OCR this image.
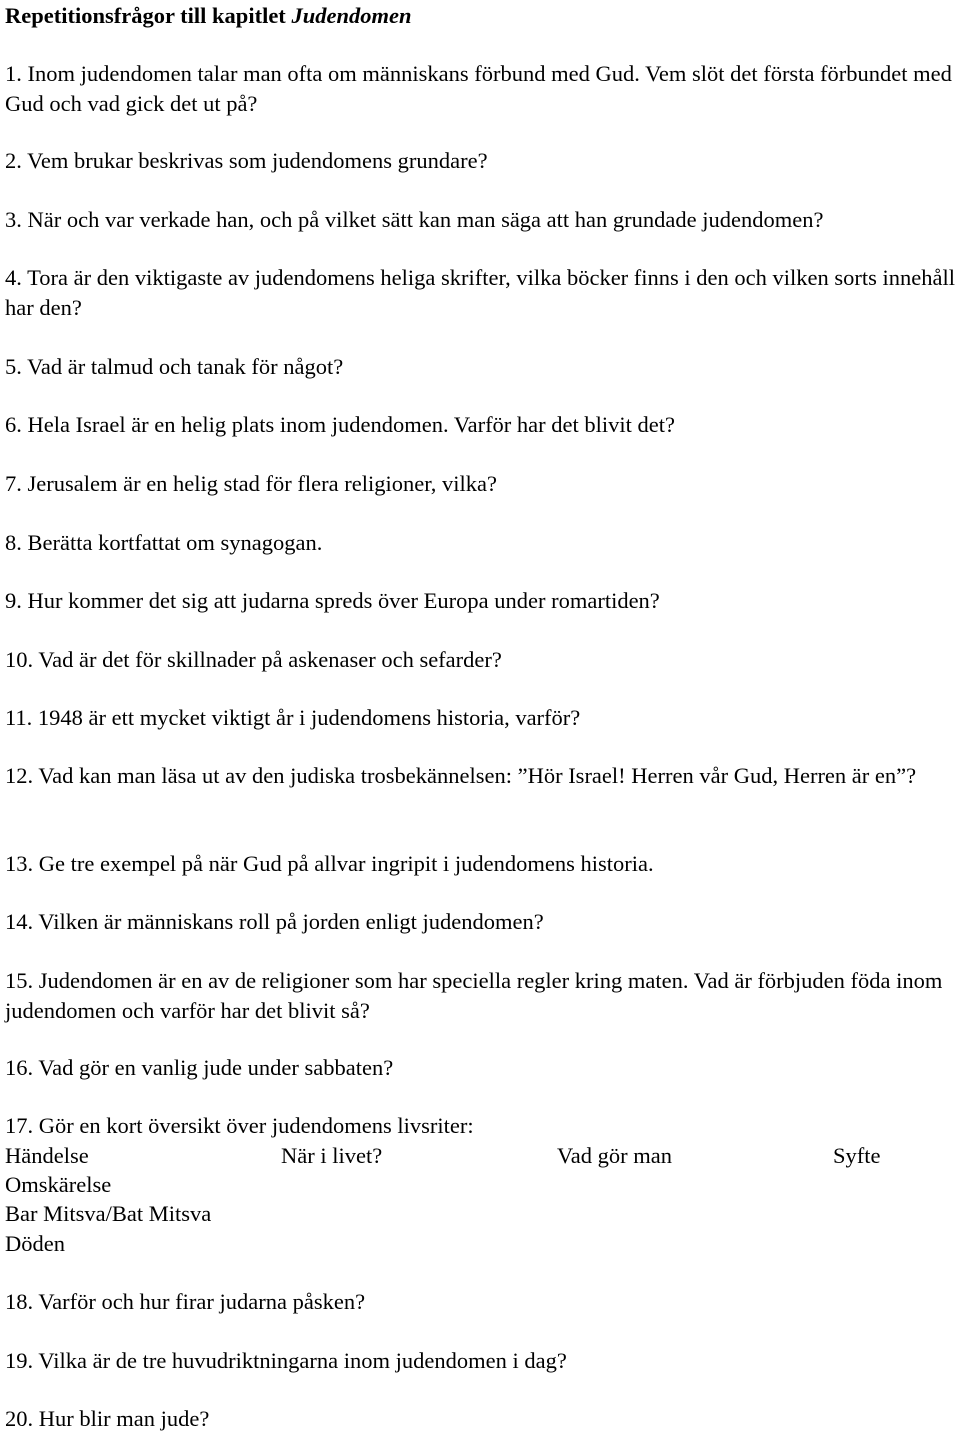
Repetitionsfrågor till kapitlet Judendomen

1. Inom judendomen talar man ofta om människans förbund med Gud. Vem slöt det första förbundet med Gud och vad gick det ut på?

2. Vem brukar beskrivas som judendomens grundare?

3. När och var verkade han, och på vilket sätt kan man säga att han grundade judendomen?

4. Tora är den viktigaste av judendomens heliga skrifter, vilka böcker finns i den och vilken sorts innehåll har den?

5. Vad är talmud och tanak för något?

6. Hela Israel är en helig plats inom judendomen. Varför har det blivit det?

7. Jerusalem är en helig stad för flera religioner, vilka?

8. Berätta kortfattat om synagogan.

9. Hur kommer det sig att judarna spreds över Europa under romartiden?

10. Vad är det för skillnader på askenaser och sefarder?

11. 1948 är ett mycket viktigt år i judendomens historia, varför?

12. Vad kan man läsa ut av den judiska trosbekännelsen: ”Hör Israel! Herren vår Gud, Herren är en”?

13. Ge tre exempel på när Gud på allvar ingripit i judendomens historia.

14. Vilken är människans roll på jorden enligt judendomen?

15. Judendomen är en av de religioner som har speciella regler kring maten. Vad är förbjuden föda inom judendomen och varför har det blivit så?

16. Vad gör en vanlig jude under sabbaten?

17. Gör en kort översikt över judendomens livsriter:

Händelse	När i livet?	Vad gör man	Syfte
Omskärelse
Bar Mitsva/Bat Mitsva
Döden

18. Varför och hur firar judarna påsken?

19. Vilka är de tre huvudriktningarna inom judendomen i dag?

20. Hur blir man jude?
